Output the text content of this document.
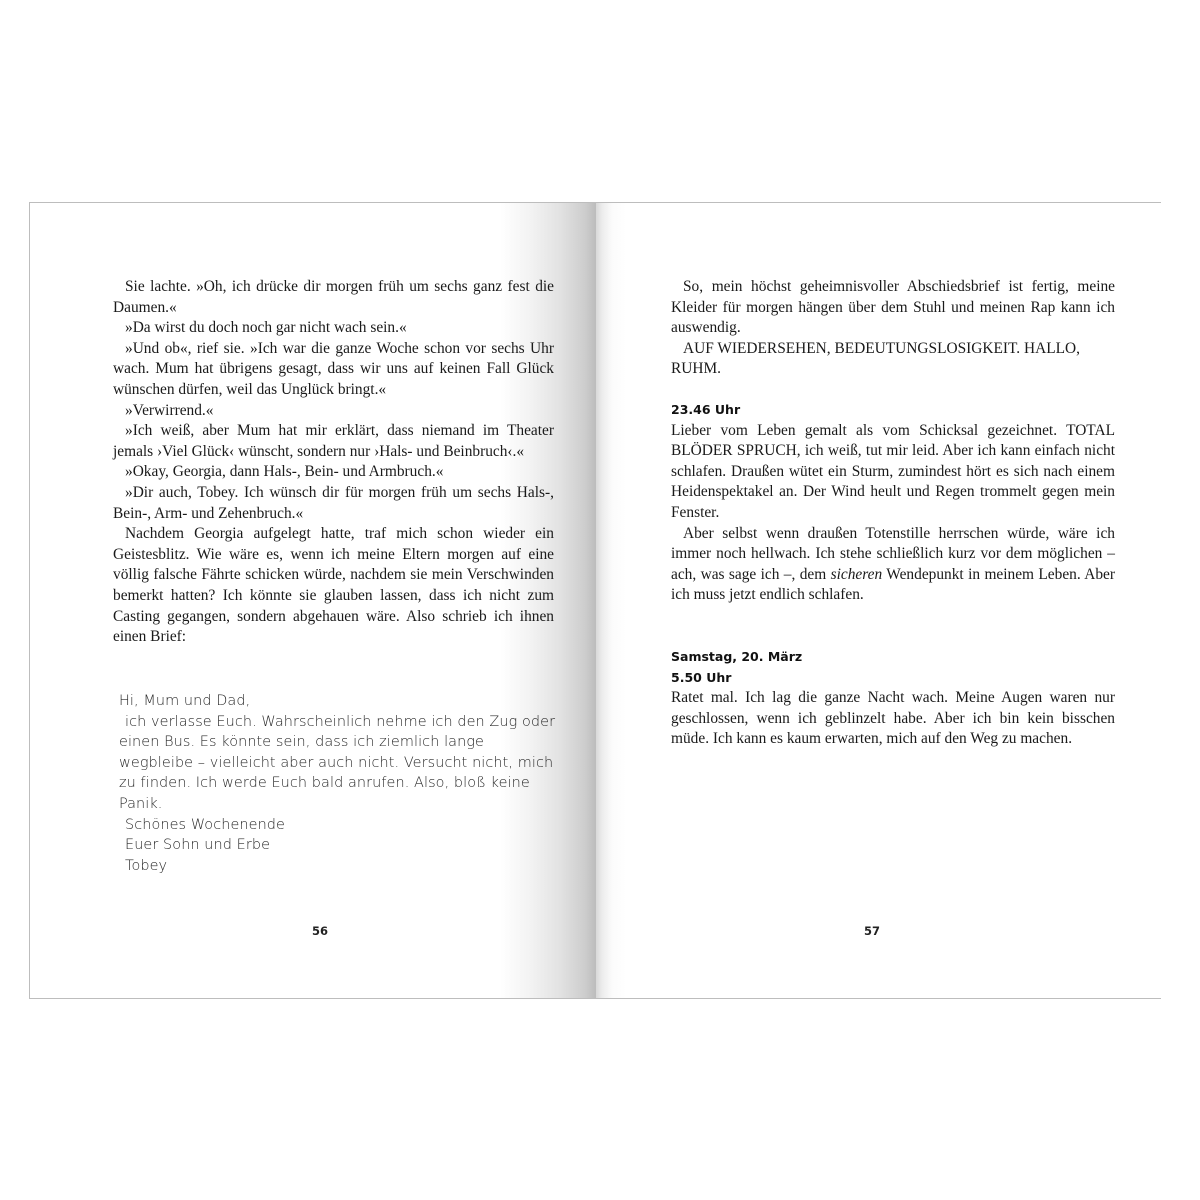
Sie lachte. »Oh, ich drücke dir morgen früh um sechs ganz fest die Daumen.«

»Da wirst du doch noch gar nicht wach sein.«

»Und ob«, rief sie. »Ich war die ganze Woche schon vor sechs Uhr wach. Mum hat übrigens gesagt, dass wir uns auf keinen Fall Glück wünschen dürfen, weil das Unglück bringt.«

»Verwirrend.«

»Ich weiß, aber Mum hat mir erklärt, dass niemand im Theater jemals ›Viel Glück‹ wünscht, sondern nur ›Hals- und Beinbruch‹.«

»Okay, Georgia, dann Hals-, Bein- und Armbruch.«

»Dir auch, Tobey. Ich wünsch dir für morgen früh um sechs Hals-, Bein-, Arm- und Zehenbruch.«

Nachdem Georgia aufgelegt hatte, traf mich schon wieder ein Geistesblitz. Wie wäre es, wenn ich meine Eltern morgen auf eine völlig falsche Fährte schicken würde, nachdem sie mein Verschwinden bemerkt hatten? Ich könnte sie glauben lassen, dass ich nicht zum Casting gegangen, sondern abgehauen wäre. Also schrieb ich ihnen einen Brief:

Hi, Mum und Dad,

ich verlasse Euch. Wahrscheinlich nehme ich den Zug oder einen Bus. Es könnte sein, dass ich ziemlich lange wegbleibe – vielleicht aber auch nicht. Versucht nicht, mich zu finden. Ich werde Euch bald anrufen. Also, bloß keine Panik.

Schönes Wochenende

Euer Sohn und Erbe

Tobey

56

So, mein höchst geheimnisvoller Abschiedsbrief ist fertig, meine Kleider für morgen hängen über dem Stuhl und meinen Rap kann ich auswendig.

AUF WIEDERSEHEN, BEDEUTUNGSLOSIGKEIT. HALLO, RUHM.

23.46 Uhr

Lieber vom Leben gemalt als vom Schicksal gezeichnet. TOTAL BLÖDER SPRUCH, ich weiß, tut mir leid. Aber ich kann einfach nicht schlafen. Draußen wütet ein Sturm, zumindest hört es sich nach einem Heidenspektakel an. Der Wind heult und Regen trommelt gegen mein Fenster.

Aber selbst wenn draußen Totenstille herrschen würde, wäre ich immer noch hellwach. Ich stehe schließlich kurz vor dem möglichen – ach, was sage ich –, dem sicheren Wendepunkt in meinem Leben. Aber ich muss jetzt endlich schlafen.

Samstag, 20. März

5.50 Uhr

Ratet mal. Ich lag die ganze Nacht wach. Meine Augen waren nur geschlossen, wenn ich geblinzelt habe. Aber ich bin kein bisschen müde. Ich kann es kaum erwarten, mich auf den Weg zu machen.

57
